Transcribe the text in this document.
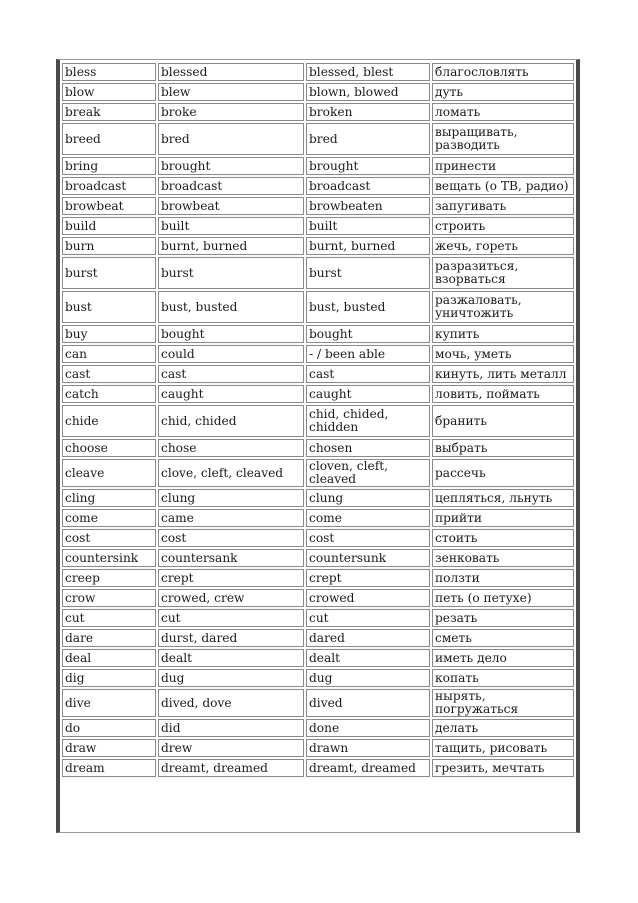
bless	blessed	blessed, blest	благословлять
blow	blew	blown, blowed	дуть
break	broke	broken	ломать
breed	bred	bred	выращивать, разводить
bring	brought	brought	принести
broadcast	broadcast	broadcast	вещать (о ТВ, радио)
browbeat	browbeat	browbeaten	запугивать
build	built	built	строить
burn	burnt, burned	burnt, burned	жечь, гореть
burst	burst	burst	разразиться, взорваться
bust	bust, busted	bust, busted	разжаловать, уничтожить
buy	bought	bought	купить
can	could	- / been able	мочь, уметь
cast	cast	cast	кинуть, лить металл
catch	caught	caught	ловить, поймать
chide	chid, chided	chid, chided, chidden	бранить
choose	chose	chosen	выбрать
cleave	clove, cleft, cleaved	cloven, cleft, cleaved	рассечь
cling	clung	clung	цепляться, льнуть
come	came	come	прийти
cost	cost	cost	стоить
countersink	countersank	countersunk	зенковать
creep	crept	crept	ползти
crow	crowed, crew	crowed	петь (о петухе)
cut	cut	cut	резать
dare	durst, dared	dared	сметь
deal	dealt	dealt	иметь дело
dig	dug	dug	копать
dive	dived, dove	dived	нырять, погружаться
do	did	done	делать
draw	drew	drawn	тащить, рисовать
dream	dreamt, dreamed	dreamt, dreamed	грезить, мечтать
